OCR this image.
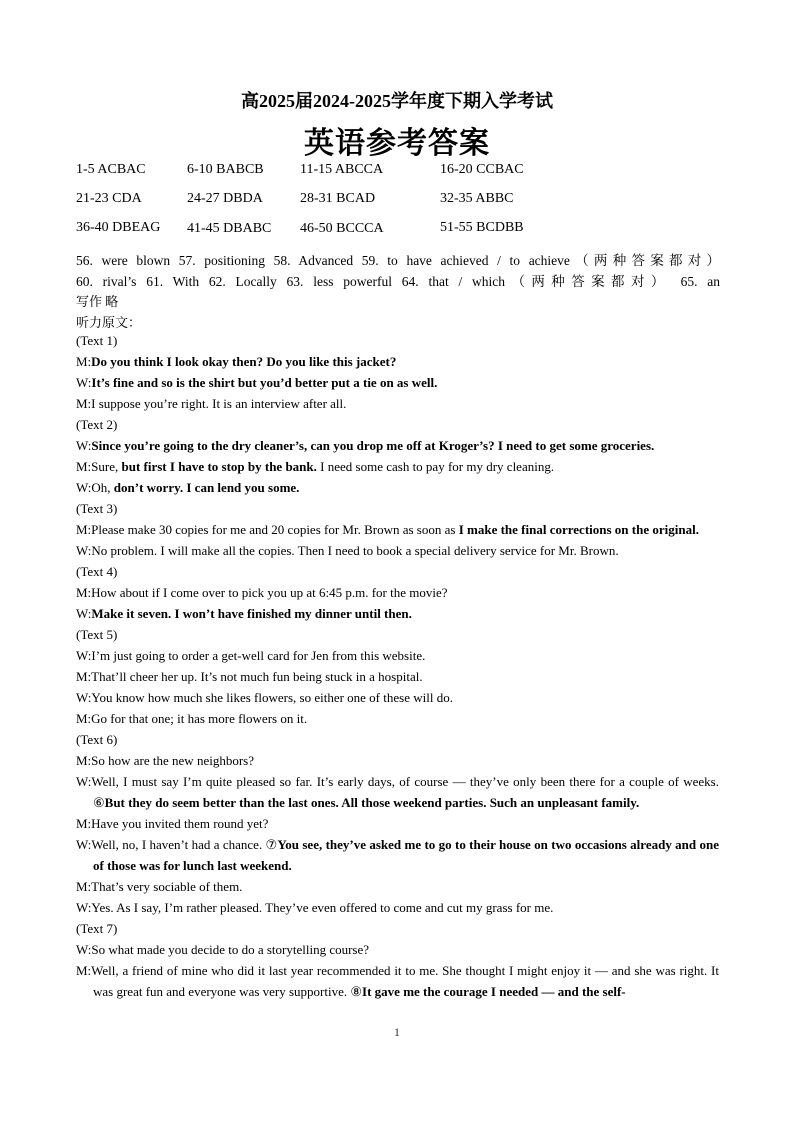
高2025届2024-2025学年度下期入学考试
英语参考答案
1-5 ACBAC	6-10 BABCB	11-15 ABCCA	16-20 CCBAC
21-23 CDA	24-27 DBDA	28-31 BCAD	32-35 ABBC
36-40 DBEAG 41-45 DBABC 46-50 BCCCA	51-55 BCDBB
56. were blown 57. positioning 58. Advanced 59. to have achieved / to achieve（两种答案都对）
60. rival’s 61. With 62. Locally 63. less powerful 64. that / which（两种答案都对） 65. an
写作 略
听力原文：

(Text 1)

M:Do you think I look okay then? Do you like this jacket?

W:It’s fine and so is the shirt but you’d better put a tie on as well.

M:I suppose you’re right. It is an interview after all.

(Text 2)

W:Since you’re going to the dry cleaner’s, can you drop me off at Kroger’s? I need to get some groceries.

M:Sure, but first I have to stop by the bank. I need some cash to pay for my dry cleaning.

W:Oh, don’t worry. I can lend you some.

(Text 3)

M:Please make 30 copies for me and 20 copies for Mr. Brown as soon as I make the final corrections on the original.

W:No problem. I will make all the copies. Then I need to book a special delivery service for Mr. Brown.

(Text 4)

M:How about if I come over to pick you up at 6:45 p.m. for the movie?

W:Make it seven. I won’t have finished my dinner until then.

(Text 5)

W:I’m just going to order a get-well card for Jen from this website.

M:That’ll cheer her up. It’s not much fun being stuck in a hospital.

W:You know how much she likes flowers, so either one of these will do.

M:Go for that one; it has more flowers on it.

(Text 6)

M:So how are the new neighbors?

W:Well, I must say I’m quite pleased so far. It’s early days, of course — they’ve only been there for a couple of weeks. ⑥But they do seem better than the last ones. All those weekend parties. Such an unpleasant family.

M:Have you invited them round yet?

W:Well, no, I haven’t had a chance. ⑦You see, they’ve asked me to go to their house on two occasions already and one of those was for lunch last weekend.

M:That’s very sociable of them.

W:Yes. As I say, I’m rather pleased. They’ve even offered to come and cut my grass for me.

(Text 7)

W:So what made you decide to do a storytelling course?

M:Well, a friend of mine who did it last year recommended it to me. She thought I might enjoy it — and she was right. It was great fun and everyone was very supportive. ⑧It gave me the courage I needed — and the self-

1
